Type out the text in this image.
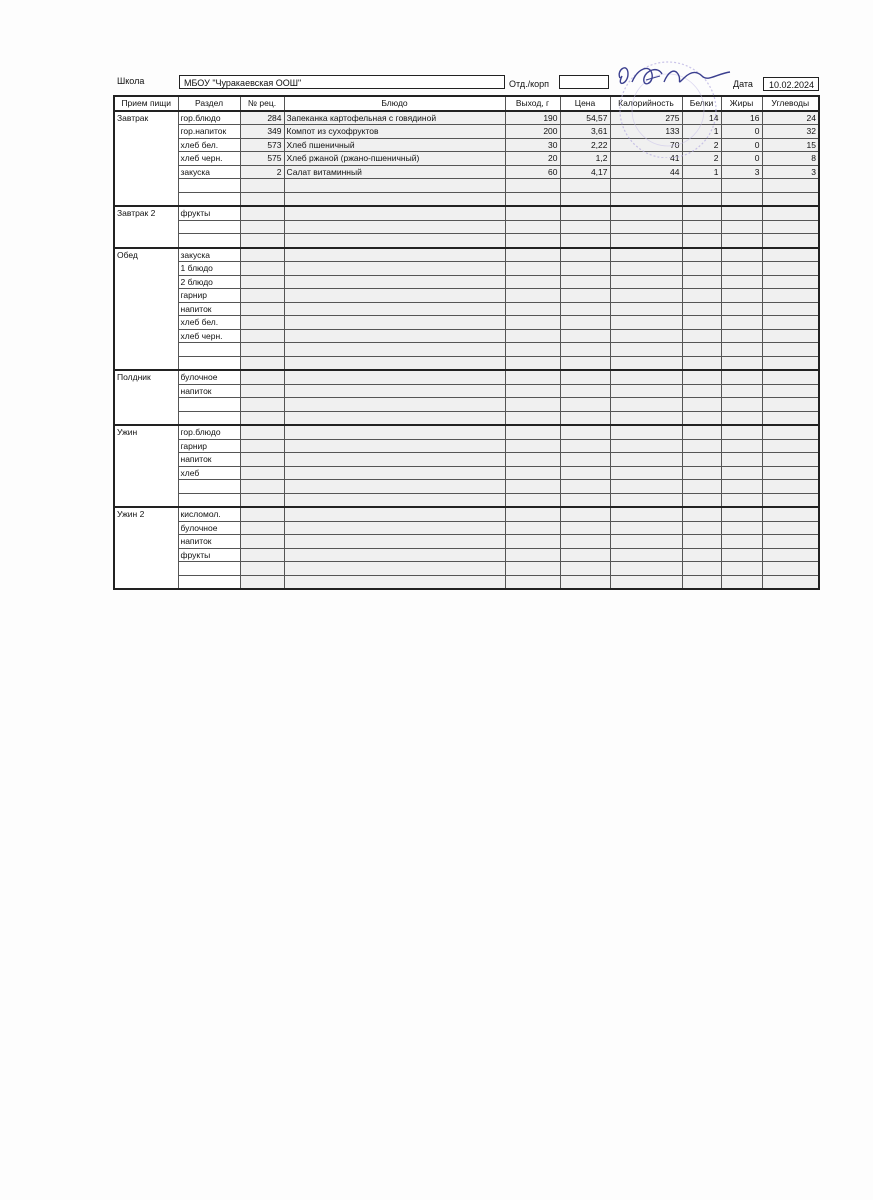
Школа	МБОУ "Чуракаевская ООШ"	Отд./корп	Дата	10.02.2024
Прием пищи	Раздел	№ рец.	Блюдо	Выход, г	Цена	Калорийность	Белки	Жиры	Углеводы
Завтрак	гор.блюдо	284	Запеканка картофельная с говядиной	190	54,57	275	14	16	24
	гор.напиток	349	Компот из сухофруктов	200	3,61	133	1	0	32
	хлеб бел.	573	Хлеб пшеничный	30	2,22	70	2	0	15
	хлеб черн.	575	Хлеб ржаной (ржано-пшеничный)	20	1,2	41	2	0	8
	закуска	2	Салат витаминный	60	4,17	44	1	3	3

Завтрак 2	фрукты								

Обед	закуска								
	1 блюдо								
	2 блюдо								
	гарнир								
	напиток								
	хлеб бел.								
	хлеб черн.								

Полдник	булочное								
	напиток								

Ужин	гор.блюдо								
	гарнир								
	напиток								
	хлеб								

Ужин 2	кисломол.								
	булочное								
	напиток								
	фрукты								
